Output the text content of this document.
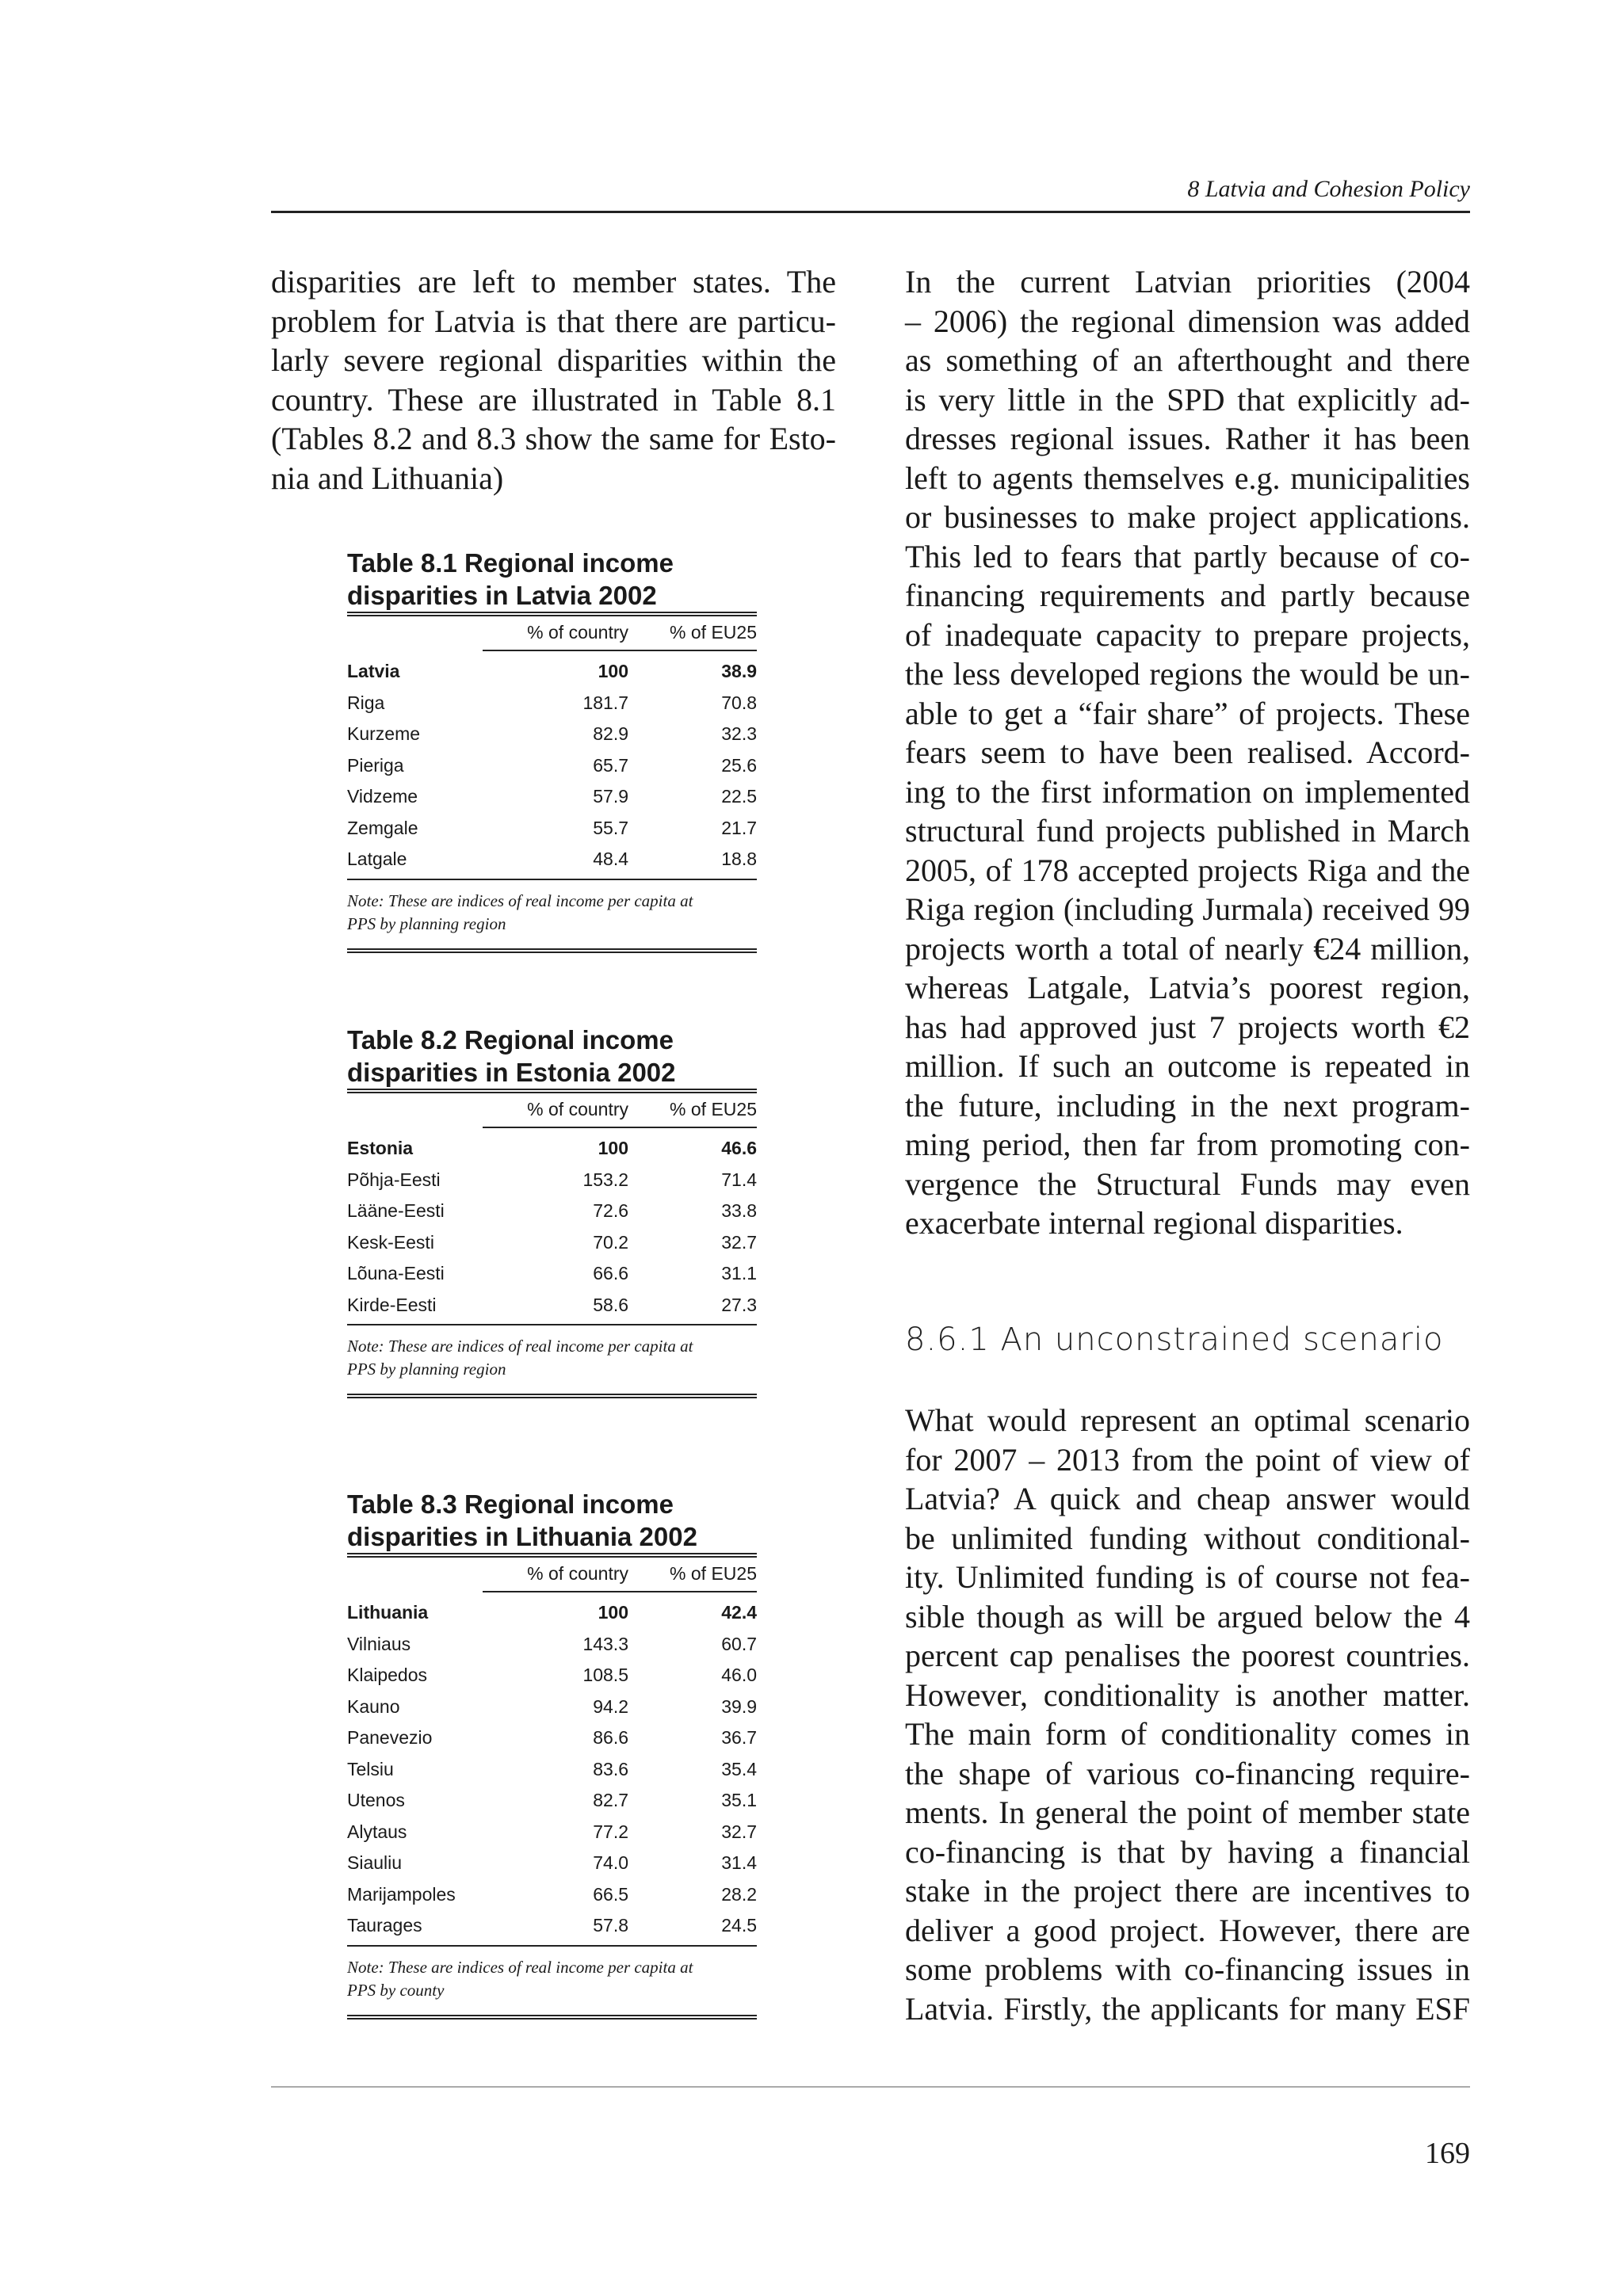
8 Latvia and Cohesion Policy
disparities are left to member states. The
problem for Latvia is that there are particu-
larly severe regional disparities within the
country. These are illustrated in Table 8.1
(Tables 8.2 and 8.3 show the same for Esto-
nia and Lithuania)
Table 8.1 Regional income
disparities in Latvia 2002
% of country	% of EU25
Latvia	100	38.9
Riga	181.7	70.8
Kurzeme	82.9	32.3
Pieriga	65.7	25.6
Vidzeme	57.9	22.5
Zemgale	55.7	21.7
Latgale	48.4	18.8
Note: These are indices of real income per capita at
PPS by planning region
Table 8.2 Regional income
disparities in Estonia 2002
% of country	% of EU25
Estonia	100	46.6
Põhja-Eesti	153.2	71.4
Lääne-Eesti	72.6	33.8
Kesk-Eesti	70.2	32.7
Lõuna-Eesti	66.6	31.1
Kirde-Eesti	58.6	27.3
Note: These are indices of real income per capita at
PPS by planning region
Table 8.3 Regional income
disparities in Lithuania 2002
% of country	% of EU25
Lithuania	100	42.4
Vilniaus	143.3	60.7
Klaipedos	108.5	46.0
Kauno	94.2	39.9
Panevezio	86.6	36.7
Telsiu	83.6	35.4
Utenos	82.7	35.1
Alytaus	77.2	32.7
Siauliu	74.0	31.4
Marijampoles	66.5	28.2
Taurages	57.8	24.5
Note: These are indices of real income per capita at
PPS by county
In the current Latvian priorities (2004
– 2006) the regional dimension was added
as something of an afterthought and there
is very little in the SPD that explicitly ad-
dresses regional issues. Rather it has been
left to agents themselves e.g. municipalities
or businesses to make project applications.
This led to fears that partly because of co-
financing requirements and partly because
of inadequate capacity to prepare projects,
the less developed regions the would be un-
able to get a “fair share” of projects. These
fears seem to have been realised. Accord-
ing to the first information on implemented
structural fund projects published in March
2005, of 178 accepted projects Riga and the
Riga region (including Jurmala) received 99
projects worth a total of nearly €24 million,
whereas Latgale, Latvia’s poorest region,
has had approved just 7 projects worth €2
million. If such an outcome is repeated in
the future, including in the next program-
ming period, then far from promoting con-
vergence the Structural Funds may even
exacerbate internal regional disparities.
8.6.1 An unconstrained scenario
What would represent an optimal scenario
for 2007 – 2013 from the point of view of
Latvia? A quick and cheap answer would
be unlimited funding without conditional-
ity. Unlimited funding is of course not fea-
sible though as will be argued below the 4
percent cap penalises the poorest countries.
However, conditionality is another matter.
The main form of conditionality comes in
the shape of various co-financing require-
ments. In general the point of member state
co-financing is that by having a financial
stake in the project there are incentives to
deliver a good project. However, there are
some problems with co-financing issues in
Latvia. Firstly, the applicants for many ESF
169
